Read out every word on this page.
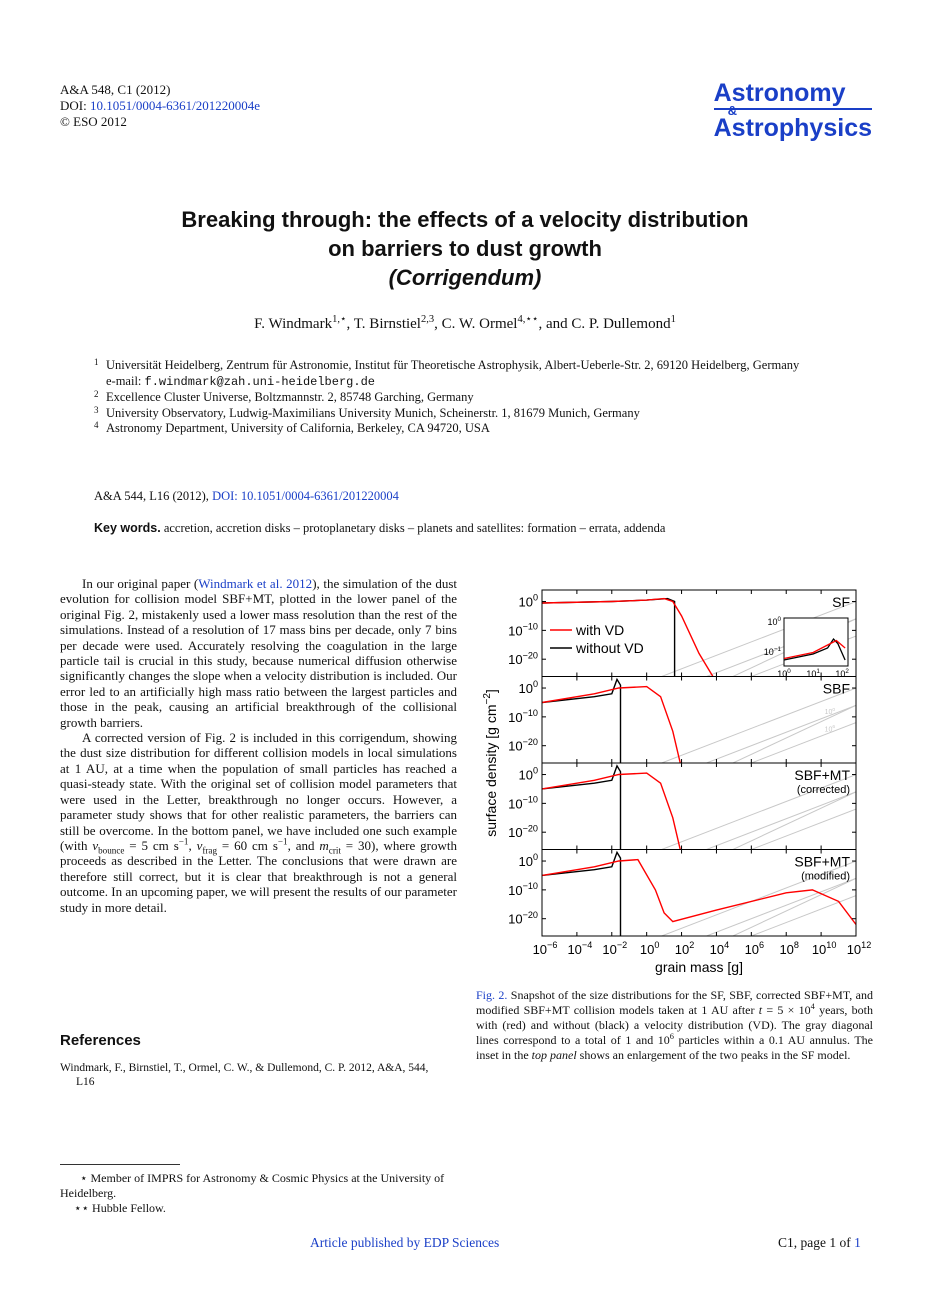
A&A 548, C1 (2012)
DOI: 10.1051/0004-6361/201220004e
© ESO 2012
Astronomy
&
Astrophysics
Breaking through: the effects of a velocity distribution
on barriers to dust growth
(Corrigendum)
F. Windmark$^{1,⋆}$, T. Birnstiel$^{2,3}$, C. W. Ormel$^{4,⋆⋆}$, and C. P. Dullemond$^1$
1 Universität Heidelberg, Zentrum für Astronomie, Institut für Theoretische Astrophysik, Albert-Ueberle-Str. 2, 69120 Heidelberg, Germany
e-mail: f.windmark@zah.uni-heidelberg.de
2 Excellence Cluster Universe, Boltzmannstr. 2, 85748 Garching, Germany
3 University Observatory, Ludwig-Maximilians University Munich, Scheinerstr. 1, 81679 Munich, Germany
4 Astronomy Department, University of California, Berkeley, CA 94720, USA
A&A 544, L16 (2012), DOI: 10.1051/0004-6361/201220004
Key words. accretion, accretion disks – protoplanetary disks – planets and satellites: formation – errata, addenda

In our original paper (Windmark et al. 2012), the simulation of the dust evolution for collision model SBF+MT, plotted in the lower panel of the original Fig. 2, mistakenly used a lower mass resolution than the rest of the simulations. Instead of a resolution of 17 mass bins per decade, only 7 bins per decade were used. Accurately resolving the coagulation in the large particle tail is crucial in this study, because numerical diffusion otherwise significantly changes the slope when a velocity distribution is included. Our error led to an artificially high mass ratio between the largest particles and those in the peak, causing an artificial breakthrough of the collisional growth barriers.

A corrected version of Fig. 2 is included in this corrigendum, showing the dust size distribution for different collision models in local simulations at 1 AU, at a time when the population of small particles has reached a quasi-steady state. With the original set of collision model parameters that were used in the Letter, breakthrough no longer occurs. However, a parameter study shows that for other realistic parameters, the barriers can still be overcome. In the bottom panel, we have included one such example (with $v_{bounce} = 5$ cm $s^{-1}$, $v_{frag} = 60$ cm $s^{-1}$, and $m_{crit} = 30$), where growth proceeds as described in the Letter. The conclusions that were drawn are therefore still correct, but it is clear that breakthrough is not a general outcome. In an upcoming paper, we will present the results of our parameter study in more detail.

References
Windmark, F., Birnstiel, T., Ormel, C. W., & Dullemond, C. P. 2012, A&A, 544,
L16
⋆ Member of IMPRS for Astronomy & Cosmic Physics at the University of Heidelberg.
⋆⋆ Hubble Fellow.
Article published by EDP Sciences	C1, page 1 of 1
$10^0$
$10^{-10}$
$10^{-20}$
SF
$10^0$ $10^1$ $10^2$
$10^0$
$10^{-1}$
with VD
without VD
$10^0$
$10^6$
$10^0$
$10^{-10}$
$10^{-20}$
SBF
$10^0$
$10^{-10}$
$10^{-20}$
SBF+MT
(corrected)
$10^0$
$10^{-10}$
$10^{-20}$
SBF+MT
(modified)
$10^{-6}$ $10^{-4}$ $10^{-2}$ $10^0$ $10^2$ $10^4$ $10^6$ $10^8$ $10^{10}$ $10^{12}$
grain mass [g]
surface density [g $cm^{-2}$]
Fig. 2. Snapshot of the size distributions for the SF, SBF, corrected SBF+MT, and modified SBF+MT collision models taken at 1 AU after $t = 5 \times 10^4$ years, both with (red) and without (black) a velocity distribution (VD). The gray diagonal lines correspond to a total of 1 and $10^6$ particles within a 0.1 AU annulus. The inset in the top panel shows an enlargement of the two peaks in the SF model.
